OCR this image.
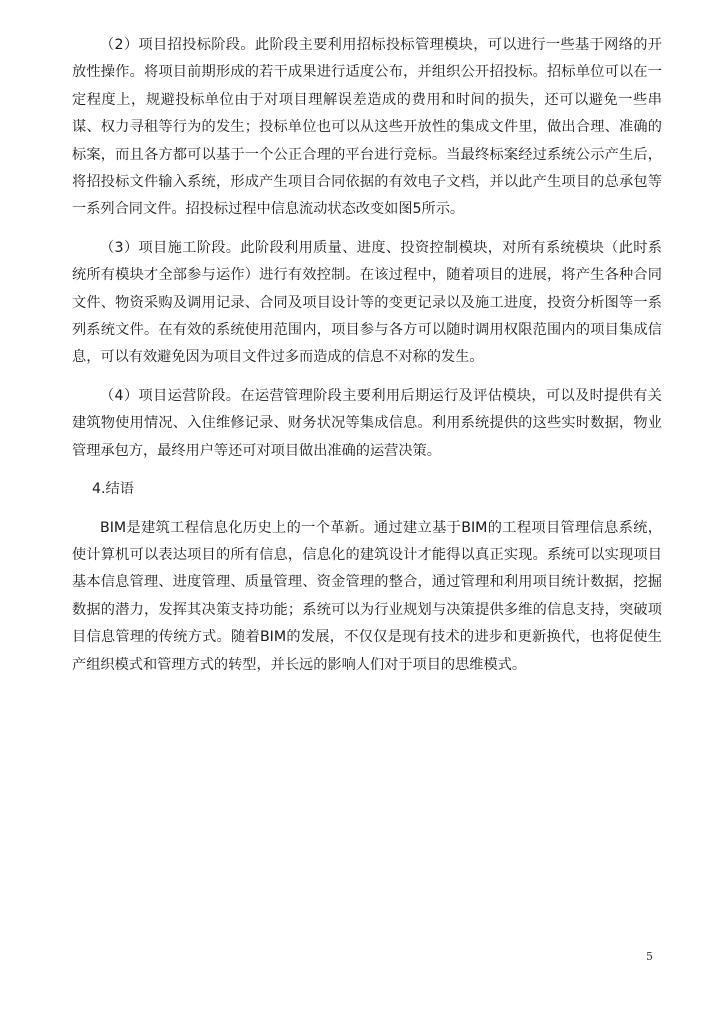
（2）项目招投标阶段。此阶段主要利用招标投标管理模块，可以进行一些基于网络的开放性操作。将项目前期形成的若干成果进行适度公布，并组织公开招投标。招标单位可以在一定程度上，规避投标单位由于对项目理解误差造成的费用和时间的损失，还可以避免一些串谋、权力寻租等行为的发生；投标单位也可以从这些开放性的集成文件里，做出合理、准确的标案，而且各方都可以基于一个公正合理的平台进行竞标。当最终标案经过系统公示产生后，将招投标文件输入系统，形成产生项目合同依据的有效电子文档，并以此产生项目的总承包等一系列合同文件。招投标过程中信息流动状态改变如图5所示。

（3）项目施工阶段。此阶段利用质量、进度、投资控制模块，对所有系统模块（此时系统所有模块才全部参与运作）进行有效控制。在该过程中，随着项目的进展，将产生各种合同文件、物资采购及调用记录、合同及项目设计等的变更记录以及施工进度，投资分析图等一系列系统文件。在有效的系统使用范围内，项目参与各方可以随时调用权限范围内的项目集成信息，可以有效避免因为项目文件过多而造成的信息不对称的发生。

（4）项目运营阶段。在运营管理阶段主要利用后期运行及评估模块，可以及时提供有关建筑物使用情况、入住维修记录、财务状况等集成信息。利用系统提供的这些实时数据，物业管理承包方，最终用户等还可对项目做出准确的运营决策。

4.结语

BIM是建筑工程信息化历史上的一个革新。通过建立基于BIM的工程项目管理信息系统，使计算机可以表达项目的所有信息，信息化的建筑设计才能得以真正实现。系统可以实现项目基本信息管理、进度管理、质量管理、资金管理的整合，通过管理和利用项目统计数据，挖掘数据的潜力，发挥其决策支持功能；系统可以为行业规划与决策提供多维的信息支持，突破项目信息管理的传统方式。随着BIM的发展，不仅仅是现有技术的进步和更新换代，也将促使生产组织模式和管理方式的转型，并长远的影响人们对于项目的思维模式。

5
